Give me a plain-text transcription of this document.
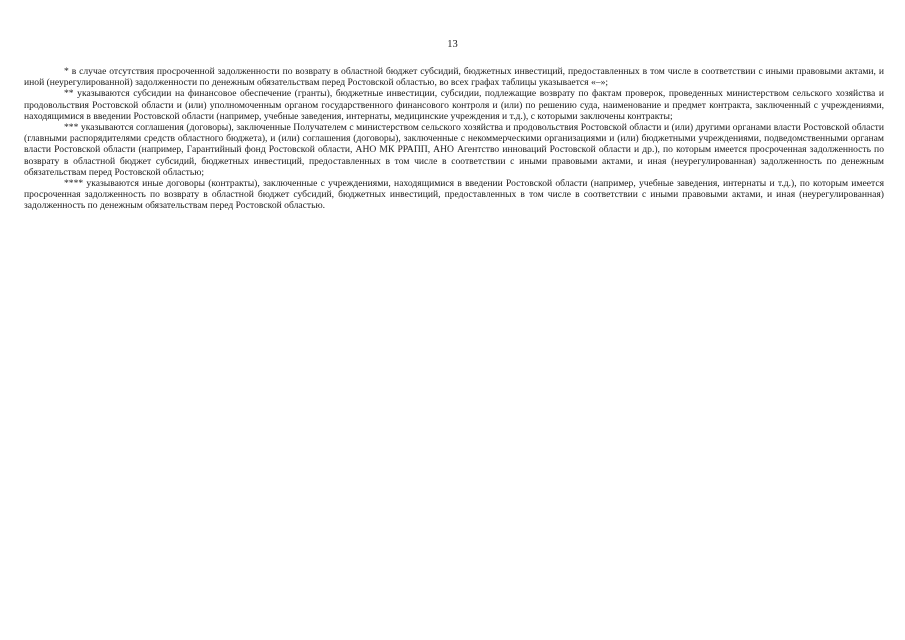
13

* в случае отсутствия просроченной задолженности по возврату в областной бюджет субсидий, бюджетных инвестиций, предоставленных в том числе в соответствии с иными правовыми актами, и иной (неурегулированной) задолженности по денежным обязательствам перед Ростовской областью, во всех графах таблицы указывается «–»;

** указываются субсидии на финансовое обеспечение (гранты), бюджетные инвестиции, субсидии, подлежащие возврату по фактам проверок, проведенных министерством сельского хозяйства и продовольствия Ростовской области и (или) уполномоченным органом государственного финансового контроля и (или) по решению суда, наименование и предмет контракта, заключенный с учреждениями, находящимися в введении Ростовской области (например, учебные заведения, интернаты, медицинские учреждения и т.д.), с которыми заключены контракты;

*** указываются соглашения (договоры), заключенные Получателем с министерством сельского хозяйства и продовольствия Ростовской области и (или) другими органами власти Ростовской области (главными распорядителями средств областного бюджета), и (или) соглашения (договоры), заключенные с некоммерческими организациями и (или) бюджетными учреждениями, подведомственными органам власти Ростовской области (например, Гарантийный фонд Ростовской области, АНО МК РРАПП, АНО Агентство инноваций Ростовской области и др.), по которым имеется просроченная задолженность по возврату в областной бюджет субсидий, бюджетных инвестиций, предоставленных в том числе в соответствии с иными правовыми актами, и иная (неурегулированная) задолженность по денежным обязательствам перед Ростовской областью;

**** указываются иные договоры (контракты), заключенные с учреждениями, находящимися в введении Ростовской области (например, учебные заведения, интернаты и т.д.), по которым имеется просроченная задолженность по возврату в областной бюджет субсидий, бюджетных инвестиций, предоставленных в том числе в соответствии с иными правовыми актами, и иная (неурегулированная) задолженность по денежным обязательствам перед Ростовской областью.
